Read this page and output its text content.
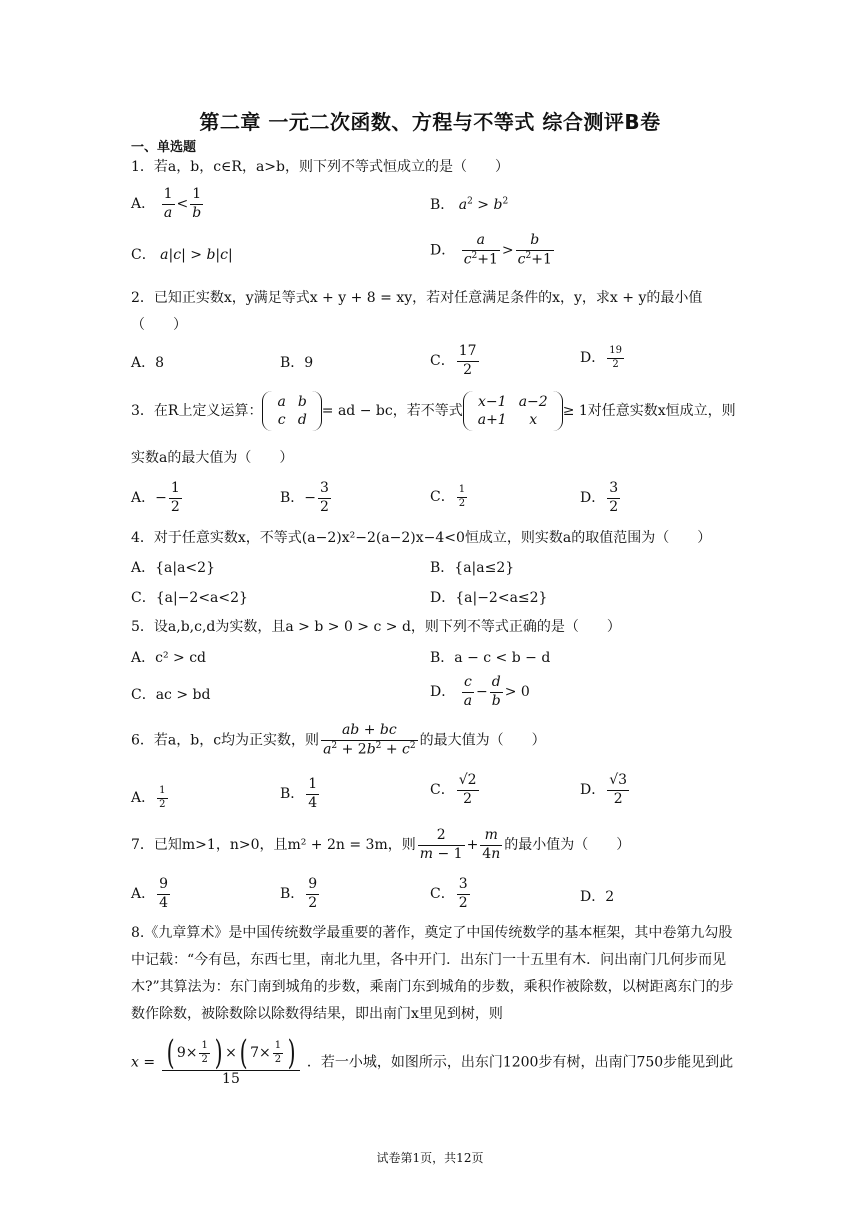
第二章 一元二次函数、方程与不等式 综合测评B卷
一、单选题
1．若a，b，c∈R，a>b，则下列不等式恒成立的是（　　）
A． $\frac{1}{a} < \frac{1}{b}$	B． $a^2 > b^2$
C． a|c| > b|c|	D． $\frac{a}{c^2+1} > \frac{b}{c^2+1}$
2．已知正实数x，y满足等式x + y + 8 = xy，若对任意满足条件的x，y，求x + y的最小值
（　　）
A．8	B．9	C． $\frac{17}{2}$	D． $\frac{19}{2}$
3．在R上定义运算：
a	b
c	d
= ad − bc，若不等式
x−1	a−2
a+1	x
≥ 1对任意实数x恒成立，则
实数a的最大值为（　　）
A．− $\frac{1}{2}$	B．− $\frac{3}{2}$	C． $\frac{1}{2}$	D． $\frac{3}{2}$
4．对于任意实数x，不等式(a−2)x²−2(a−2)x−4<0恒成立，则实数a的取值范围为（　　）
A．{a|a<2}	B．{a|a≤2}
C．{a|−2<a<2}	D．{a|−2<a≤2}
5．设a,b,c,d为实数，且a > b > 0 > c > d，则下列不等式正确的是（　　）
A．c² > cd	B．a − c < b − d
C．ac > bd	D． $\frac{c}{a} - \frac{d}{b} > 0$
6．若a，b，c均为正实数，则 $\frac{ab + bc}{a^2 + 2b^2 + c^2}$ 的最大值为（　　）
A． $\frac{1}{2}$	B． $\frac{1}{4}$	C． $\frac{√2}{2}$	D． $\frac{√3}{2}$
7．已知m>1，n>0，且m² + 2n = 3m，则 $\frac{2}{m - 1} + \frac{m}{4n}$ 的最小值为（　　）
A． $\frac{9}{4}$	B． $\frac{9}{2}$	C． $\frac{3}{2}$	D．2
8.《九章算术》是中国传统数学最重要的著作，奠定了中国传统数学的基本框架，其中卷第九勾股中记载：“今有邑，东西七里，南北九里，各中开门．出东门一十五里有木．问出南门几何步而见木?”其算法为：东门南到城角的步数，乘南门东到城角的步数，乘积作被除数，以树距离东门的步数作除数，被除数除以除数得结果，即出南门x里见到树，则
$x = \frac{( 9\times \frac{1}{2} ) \times( 7\times \frac{1}{2} )}{15}$ ．若一小城，如图所示，出东门1200步有树，出南门750步能见到此
试卷第1页，共12页
